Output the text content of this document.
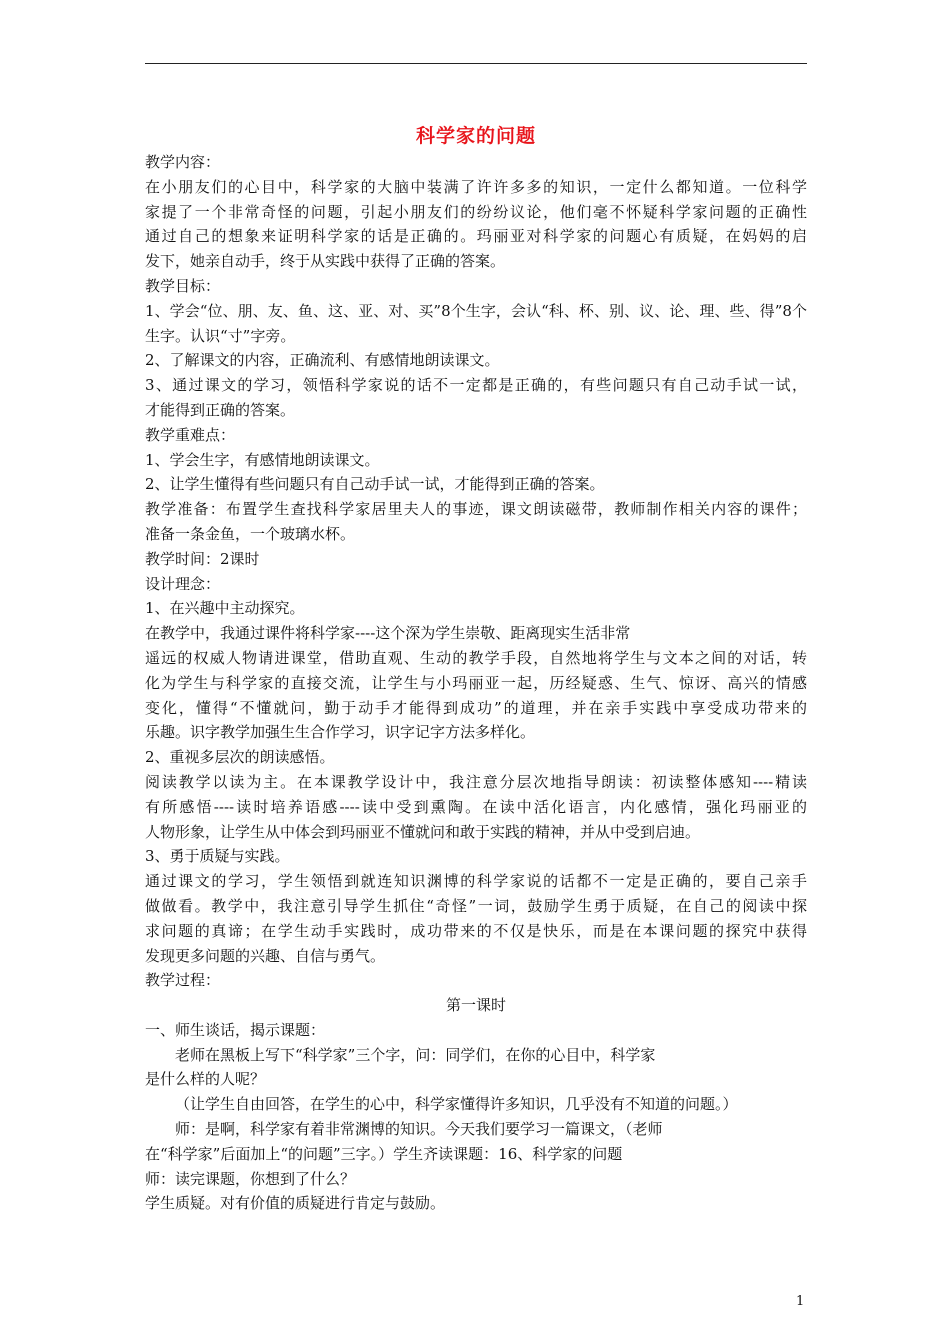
科学家的问题
教学内容：
在小朋友们的心目中，科学家的大脑中装满了许许多多的知识，一定什么都知道。一位科学
家提了一个非常奇怪的问题，引起小朋友们的纷纷议论，他们毫不怀疑科学家问题的正确性
通过自己的想象来证明科学家的话是正确的。玛丽亚对科学家的问题心有质疑，在妈妈的启
发下，她亲自动手，终于从实践中获得了正确的答案。
教学目标：
1、学会“位、朋、友、鱼、这、亚、对、买”8个生字，会认“科、杯、别、议、论、理、些、得”8个
生字。认识“寸”字旁。
2、了解课文的内容，正确流利、有感情地朗读课文。
3、通过课文的学习，领悟科学家说的话不一定都是正确的，有些问题只有自己动手试一试，
才能得到正确的答案。
教学重难点：
1、学会生字，有感情地朗读课文。
2、让学生懂得有些问题只有自己动手试一试，才能得到正确的答案。
教学准备：布置学生查找科学家居里夫人的事迹，课文朗读磁带，教师制作相关内容的课件；
准备一条金鱼，一个玻璃水杯。
教学时间：2课时
设计理念：
1、在兴趣中主动探究。
在教学中，我通过课件将科学家----这个深为学生崇敬、距离现实生活非常
遥远的权威人物请进课堂，借助直观、生动的教学手段，自然地将学生与文本之间的对话，转
化为学生与科学家的直接交流，让学生与小玛丽亚一起，历经疑惑、生气、惊讶、高兴的情感
变化，懂得“不懂就问，勤于动手才能得到成功”的道理，并在亲手实践中享受成功带来的
乐趣。识字教学加强生生合作学习，识字记字方法多样化。
2、重视多层次的朗读感悟。
阅读教学以读为主。在本课教学设计中，我注意分层次地指导朗读：初读整体感知----精读
有所感悟----读时培养语感----读中受到熏陶。在读中活化语言，内化感情，强化玛丽亚的
人物形象，让学生从中体会到玛丽亚不懂就问和敢于实践的精神，并从中受到启迪。
3、勇于质疑与实践。
通过课文的学习，学生领悟到就连知识渊博的科学家说的话都不一定是正确的，要自己亲手
做做看。教学中，我注意引导学生抓住“奇怪”一词，鼓励学生勇于质疑，在自己的阅读中探
求问题的真谛；在学生动手实践时，成功带来的不仅是快乐，而是在本课问题的探究中获得
发现更多问题的兴趣、自信与勇气。
教学过程：
第一课时
一、师生谈话，揭示课题：
老师在黑板上写下“科学家”三个字，问：同学们，在你的心目中，科学家
是什么样的人呢？
（让学生自由回答，在学生的心中，科学家懂得许多知识，几乎没有不知道的问题。）
师：是啊，科学家有着非常渊博的知识。今天我们要学习一篇课文，（老师
在“科学家”后面加上“的问题”三字。）学生齐读课题：16、科学家的问题
师：读完课题，你想到了什么？
学生质疑。对有价值的质疑进行肯定与鼓励。
1
